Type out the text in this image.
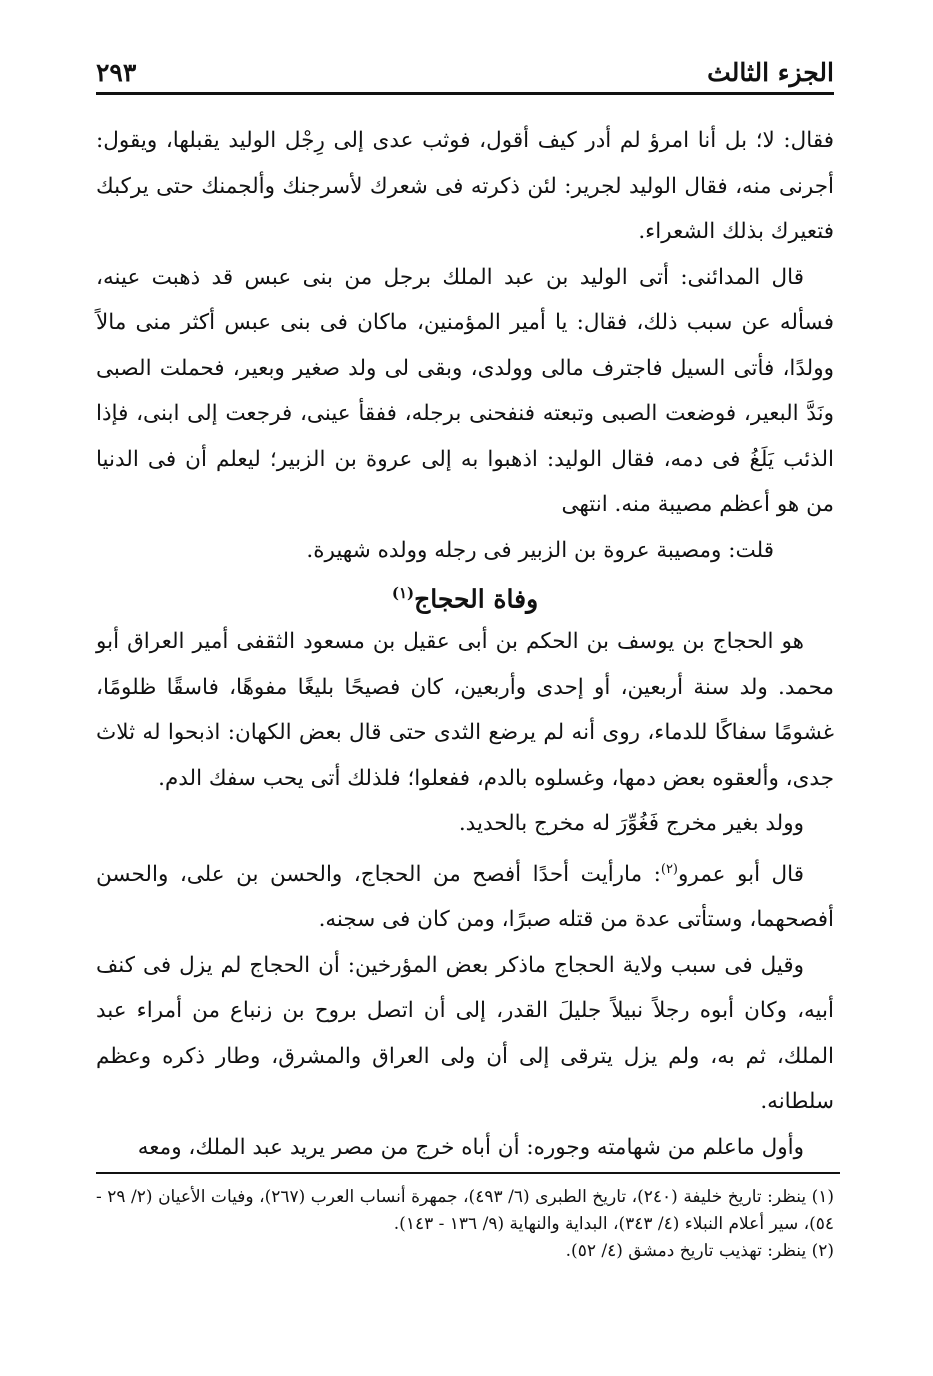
الجزء الثالث
٢٩٣

فقال: لا؛ بل أنا امرؤ لم أدر كيف أقول، فوثب عدى إلى رِجْل الوليد يقبلها، ويقول: أجرنى منه، فقال الوليد لجرير: لئن ذكرته فى شعرك لأسرجنك وألجمنك حتى يركبك فتعيرك بذلك الشعراء.

قال المدائنى: أتى الوليد بن عبد الملك برجل من بنى عبس قد ذهبت عينه، فسأله عن سبب ذلك، فقال: يا أمير المؤمنين، ماكان فى بنى عبس أكثر منى مالاً وولدًا، فأتى السيل فاجترف مالى وولدى، وبقى لى ولد صغير وبعير، فحملت الصبى ونَدَّ البعير، فوضعت الصبى وتبعته فنفحنى برجله، ففقأ عينى، فرجعت إلى ابنى، فإذا الذئب يَلَغُ فى دمه، فقال الوليد: اذهبوا به إلى عروة بن الزبير؛ ليعلم أن فى الدنيا من هو أعظم مصيبة منه. انتهى

قلت: ومصيبة عروة بن الزبير فى رجله وولده شهيرة.

وفاة الحجاج$^{(١)}$

هو الحجاج بن يوسف بن الحكم بن أبى عقيل بن مسعود الثقفى أمير العراق أبو محمد. ولد سنة أربعين، أو إحدى وأربعين، كان فصيحًا بليغًا مفوهًا، فاسقًا ظلومًا، غشومًا سفاكًا للدماء، روى أنه لم يرضع الثدى حتى قال بعض الكهان: اذبحوا له ثلاث جدى، وألعقوه بعض دمها، وغسلوه بالدم، ففعلوا؛ فلذلك أتى يحب سفك الدم.

وولد بغير مخرج فَغُوِّرَ له مخرج بالحديد.

قال أبو عمرو$^{(٢)}$: مارأيت أحدًا أفصح من الحجاج، والحسن بن على، والحسن أفصحهما، وستأتى عدة من قتله صبرًا، ومن كان فى سجنه.

وقيل فى سبب ولاية الحجاج ماذكر بعض المؤرخين: أن الحجاج لم يزل فى كنف أبيه، وكان أبوه رجلاً نبيلاً جليلَ القدر، إلى أن اتصل بروح بن زنباع من أمراء عبد الملك، ثم به، ولم يزل يترقى إلى أن ولى العراق والمشرق، وطار ذكره وعظم سلطانه.

وأول ماعلم من شهامته وجوره: أن أباه خرج من مصر يريد عبد الملك، ومعه

(١) ينظر: تاريخ خليفة (٢٤٠)، تاريخ الطبرى (٦/ ٤٩٣)، جمهرة أنساب العرب (٢٦٧)، وفيات الأعيان (٢/ ٢٩ - ٥٤)، سير أعلام النبلاء (٤/ ٣٤٣)، البداية والنهاية (٩/ ١٣٦ - ١٤٣).

(٢) ينظر: تهذيب تاريخ دمشق (٤/ ٥٢).
